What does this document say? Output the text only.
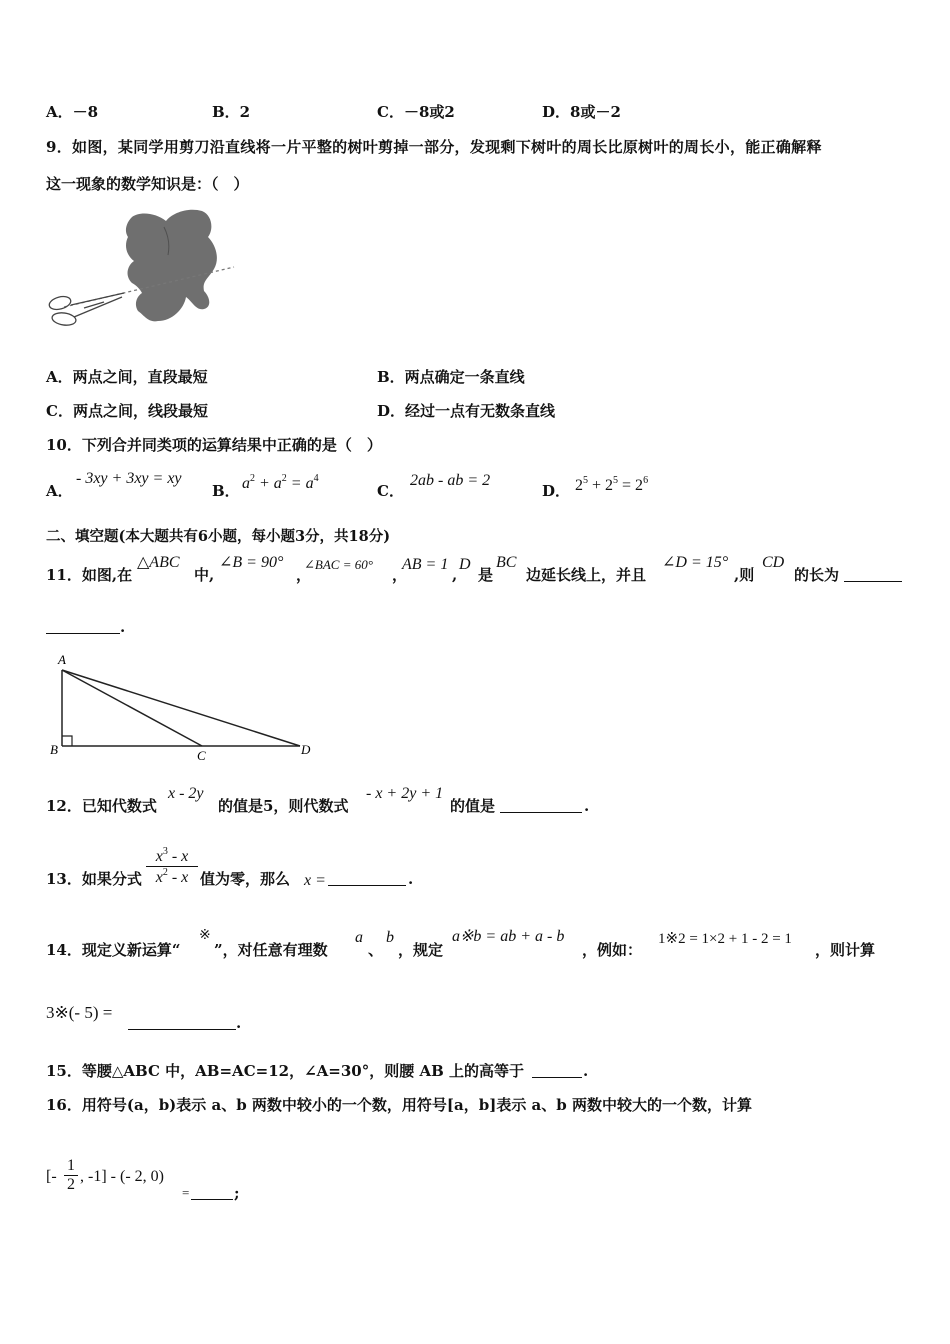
A．－8	B．2	C．－8或2	D．8或－2
9．如图，某同学用剪刀沿直线将一片平整的树叶剪掉一部分，发现剩下树叶的周长比原树叶的周长小，能正确解释
这一现象的数学知识是：（　）
A．两点之间，直段最短	B．两点确定一条直线
C．两点之间，线段最短	D．经过一点有无数条直线
10．下列合并同类项的运算结果中正确的是（　）
A．
- 3xy + 3xy = xy
B． $a^2 + a^2 = a^4$
C．
2ab - ab = 2
D． $2^5 + 2^5 = 2^6$
二、填空题(本大题共有6小题，每小题3分，共18分)
11．如图,在
△ABC
中,
∠B = 90°
，
∠BAC = 60°
，
AB = 1
,
D
是
BC
边延长线上，并且
∠D = 15°
,则
CD
的长为
.
A
B	C	D
12．已知代数式
x - 2y
的值是5，则代数式
- x + 2y + 1
的值是	.
13．如果分式 $\frac{x^3 - x}{x^2 - x}$ 值为零，那么 x =	.
14．现定义新运算“
※
”，对任意有理数
a
、
b
，规定
a※b = ab + a - b
，例如：
1※2 = 1×2 + 1 - 2 = 1
，则计算
3※(- 5) =
.
15．等腰△ABC 中，AB=AC=12，∠A=30°，则腰 AB 上的高等于	.
16．用符号(a，b)表示 a、b 两数中较小的一个数，用符号[a，b]表示 a、b 两数中较大的一个数，计算
[- $\frac{1}{2}$ , -1] - (- 2, 0)
=	;
